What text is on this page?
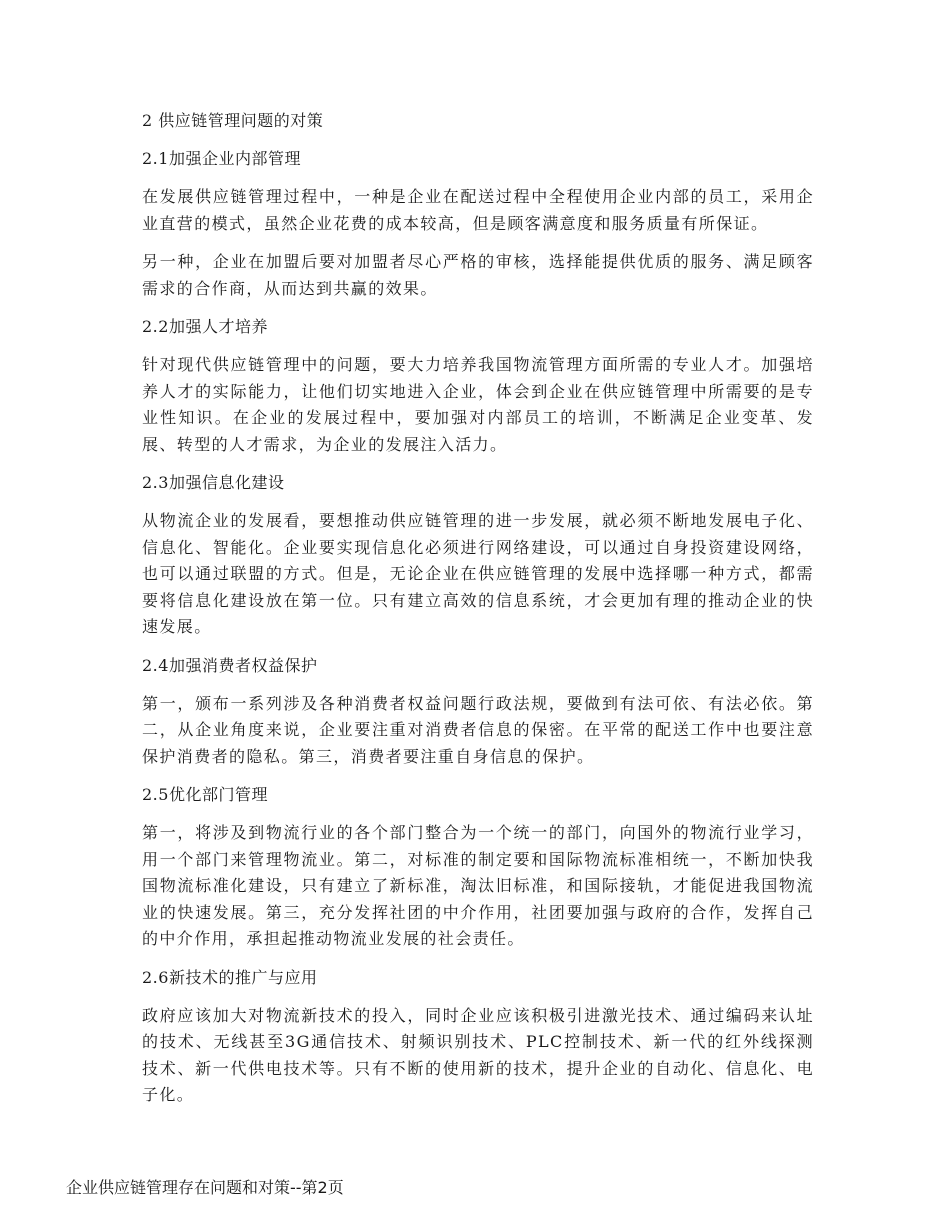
2 供应链管理问题的对策
2.1加强企业内部管理
在发展供应链管理过程中，一种是企业在配送过程中全程使用企业内部的员工，采用企业直营的模式，虽然企业花费的成本较高，但是顾客满意度和服务质量有所保证。
另一种，企业在加盟后要对加盟者尽心严格的审核，选择能提供优质的服务、满足顾客需求的合作商，从而达到共赢的效果。
2.2加强人才培养
针对现代供应链管理中的问题，要大力培养我国物流管理方面所需的专业人才。加强培养人才的实际能力，让他们切实地进入企业，体会到企业在供应链管理中所需要的是专业性知识。在企业的发展过程中，要加强对内部员工的培训，不断满足企业变革、发展、转型的人才需求，为企业的发展注入活力。
2.3加强信息化建设
从物流企业的发展看，要想推动供应链管理的进一步发展，就必须不断地发展电子化、信息化、智能化。企业要实现信息化必须进行网络建设，可以通过自身投资建设网络，也可以通过联盟的方式。但是，无论企业在供应链管理的发展中选择哪一种方式，都需要将信息化建设放在第一位。只有建立高效的信息系统，才会更加有理的推动企业的快速发展。
2.4加强消费者权益保护
第一，颁布一系列涉及各种消费者权益问题行政法规，要做到有法可依、有法必依。第二，从企业角度来说，企业要注重对消费者信息的保密。在平常的配送工作中也要注意保护消费者的隐私。第三，消费者要注重自身信息的保护。
2.5优化部门管理
第一，将涉及到物流行业的各个部门整合为一个统一的部门，向国外的物流行业学习，用一个部门来管理物流业。第二，对标准的制定要和国际物流标准相统一，不断加快我国物流标准化建设，只有建立了新标准，淘汰旧标准，和国际接轨，才能促进我国物流业的快速发展。第三，充分发挥社团的中介作用，社团要加强与政府的合作，发挥自己的中介作用，承担起推动物流业发展的社会责任。
2.6新技术的推广与应用
政府应该加大对物流新技术的投入，同时企业应该积极引进激光技术、通过编码来认址的技术、无线甚至3G通信技术、射频识别技术、PLC控制技术、新一代的红外线探测技术、新一代供电技术等。只有不断的使用新的技术，提升企业的自动化、信息化、电子化。
企业供应链管理存在问题和对策--第2页
